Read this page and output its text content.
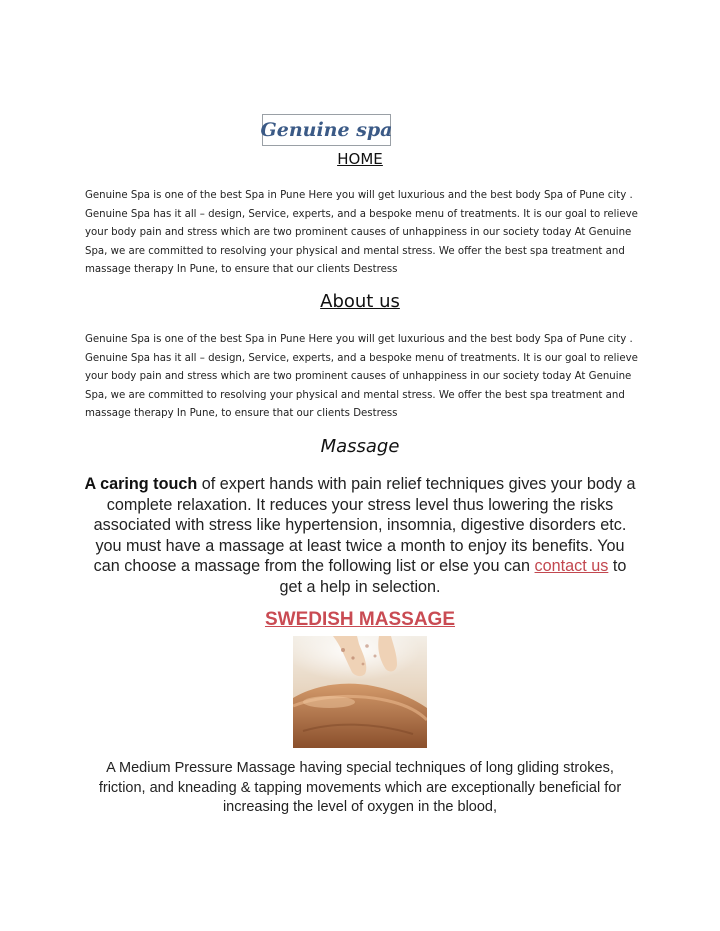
Genuine spa
HOME
Genuine Spa is one of the best Spa in Pune Here you will get luxurious and the best body Spa of Pune city . Genuine Spa has it all – design, Service, experts, and a bespoke menu of treatments. It is our goal to relieve your body pain and stress which are two prominent causes of unhappiness in our society today At Genuine Spa, we are committed to resolving your physical and mental stress. We offer the best spa treatment and massage therapy In Pune, to ensure that our clients Destress
About us
Genuine Spa is one of the best Spa in Pune Here you will get luxurious and the best body Spa of Pune city . Genuine Spa has it all – design, Service, experts, and a bespoke menu of treatments. It is our goal to relieve your body pain and stress which are two prominent causes of unhappiness in our society today At Genuine Spa, we are committed to resolving your physical and mental stress. We offer the best spa treatment and massage therapy In Pune, to ensure that our clients Destress
Massage
A caring touch of expert hands with pain relief techniques gives your body a complete relaxation. It reduces your stress level thus lowering the risks associated with stress like hypertension, insomnia, digestive disorders etc. you must have a massage at least twice a month to enjoy its benefits. You can choose a massage from the following list or else you can contact us to get a help in selection.
SWEDISH MASSAGE
A Medium Pressure Massage having special techniques of long gliding strokes, friction, and kneading & tapping movements which are exceptionally beneficial for increasing the level of oxygen in the blood,
